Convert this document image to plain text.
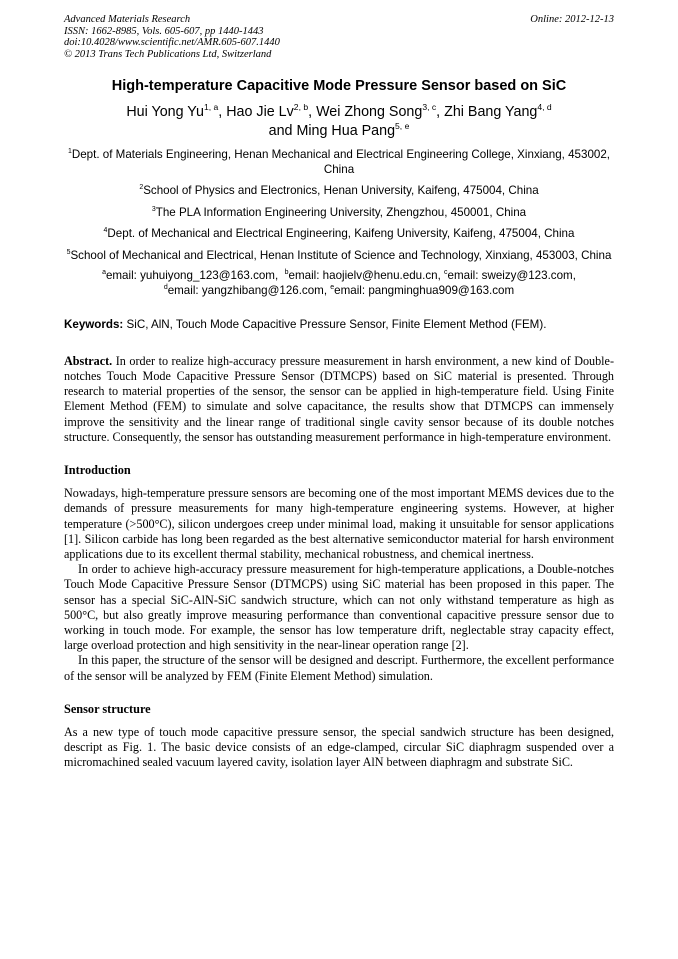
Advanced Materials Research	Online: 2012-12-13
ISSN: 1662-8985, Vols. 605-607, pp 1440-1443
doi:10.4028/www.scientific.net/AMR.605-607.1440
© 2013 Trans Tech Publications Ltd, Switzerland
High-temperature Capacitive Mode Pressure Sensor based on SiC
Hui Yong Yu$^{1, a}$, Hao Jie Lv$^{2, b}$, Wei Zhong Song$^{3, c}$, Zhi Bang Yang$^{4, d}$
and Ming Hua Pang$^{5, e}$
$^1$Dept. of Materials Engineering, Henan Mechanical and Electrical Engineering College, Xinxiang, 453002, China
$^2$School of Physics and Electronics, Henan University, Kaifeng, 475004, China
$^3$The PLA Information Engineering University, Zhengzhou, 450001, China
$^4$Dept. of Mechanical and Electrical Engineering, Kaifeng University, Kaifeng, 475004, China
$^5$School of Mechanical and Electrical, Henan Institute of Science and Technology, Xinxiang, 453003, China
$^a$email: yuhuiyong_123@163.com, $^b$email: haojielv@henu.edu.cn, $^c$email: sweizy@123.com,
$^d$email: yangzhibang@126.com, $^e$email: pangminghua909@163.com
Keywords: SiC, AlN, Touch Mode Capacitive Pressure Sensor, Finite Element Method (FEM).

Abstract. In order to realize high-accuracy pressure measurement in harsh environment, a new kind of Double-notches Touch Mode Capacitive Pressure Sensor (DTMCPS) based on SiC material is presented. Through research to material properties of the sensor, the sensor can be applied in high-temperature field. Using Finite Element Method (FEM) to simulate and solve capacitance, the results show that DTMCPS can immensely improve the sensitivity and the linear range of traditional single cavity sensor because of its double notches structure. Consequently, the sensor has outstanding measurement performance in high-temperature environment.

Introduction

Nowadays, high-temperature pressure sensors are becoming one of the most important MEMS devices due to the demands of pressure measurements for many high-temperature engineering systems. However, at higher temperature (>500°C), silicon undergoes creep under minimal load, making it unsuitable for sensor applications [1]. Silicon carbide has long been regarded as the best alternative semiconductor material for harsh environment applications due to its excellent thermal stability, mechanical robustness, and chemical inertness.

In order to achieve high-accuracy pressure measurement for high-temperature applications, a Double-notches Touch Mode Capacitive Pressure Sensor (DTMCPS) using SiC material has been proposed in this paper. The sensor has a special SiC-AlN-SiC sandwich structure, which can not only withstand temperature as high as 500°C, but also greatly improve measuring performance than conventional capacitive pressure sensor due to working in touch mode. For example, the sensor has low temperature drift, neglectable stray capacity effect, large overload protection and high sensitivity in the near-linear operation range [2].

In this paper, the structure of the sensor will be designed and descript. Furthermore, the excellent performance of the sensor will be analyzed by FEM (Finite Element Method) simulation.

Sensor structure

As a new type of touch mode capacitive pressure sensor, the special sandwich structure has been designed, descript as Fig. 1. The basic device consists of an edge-clamped, circular SiC diaphragm suspended over a micromachined sealed vacuum layered cavity, isolation layer AlN between diaphragm and substrate SiC.
